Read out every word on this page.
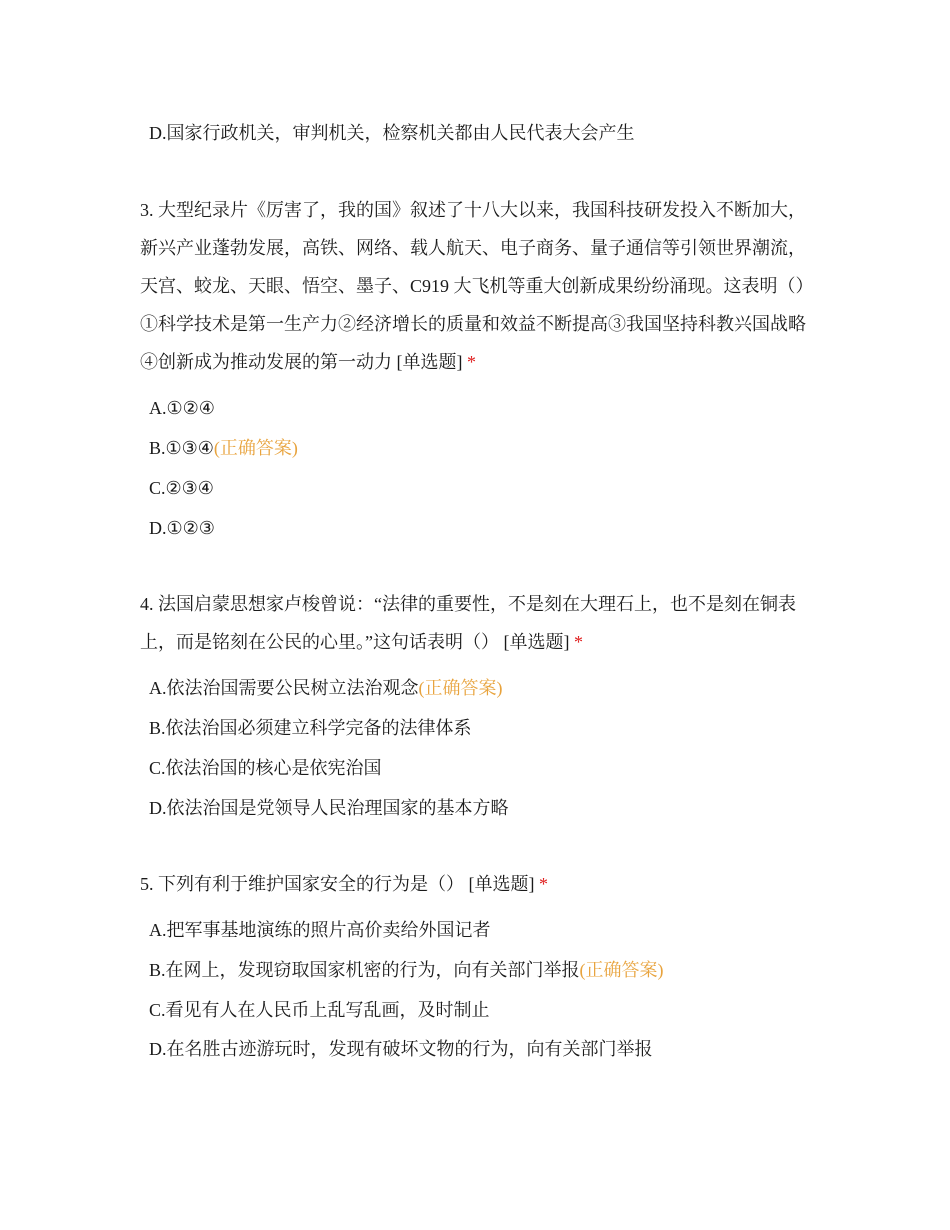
D.国家行政机关，审判机关，检察机关都由人民代表大会产生

3. 大型纪录片《厉害了，我的国》叙述了十八大以来，我国科技研发投入不断加大，新兴产业蓬勃发展，高铁、网络、载人航天、电子商务、量子通信等引领世界潮流，天宫、蛟龙、天眼、悟空、墨子、C919 大飞机等重大创新成果纷纷涌现。这表明（）①科学技术是第一生产力②经济增长的质量和效益不断提高③我国坚持科教兴国战略④创新成为推动发展的第一动力 [单选题] *

A.①②④
B.①③④(正确答案)
C.②③④
D.①②③

4. 法国启蒙思想家卢梭曾说：“法律的重要性，不是刻在大理石上，也不是刻在铜表上，而是铭刻在公民的心里。”这句话表明（） [单选题] *

A.依法治国需要公民树立法治观念(正确答案)
B.依法治国必须建立科学完备的法律体系
C.依法治国的核心是依宪治国
D.依法治国是党领导人民治理国家的基本方略

5. 下列有利于维护国家安全的行为是（） [单选题] *

A.把军事基地演练的照片高价卖给外国记者
B.在网上，发现窃取国家机密的行为，向有关部门举报(正确答案)
C.看见有人在人民币上乱写乱画，及时制止
D.在名胜古迹游玩时，发现有破坏文物的行为，向有关部门举报
